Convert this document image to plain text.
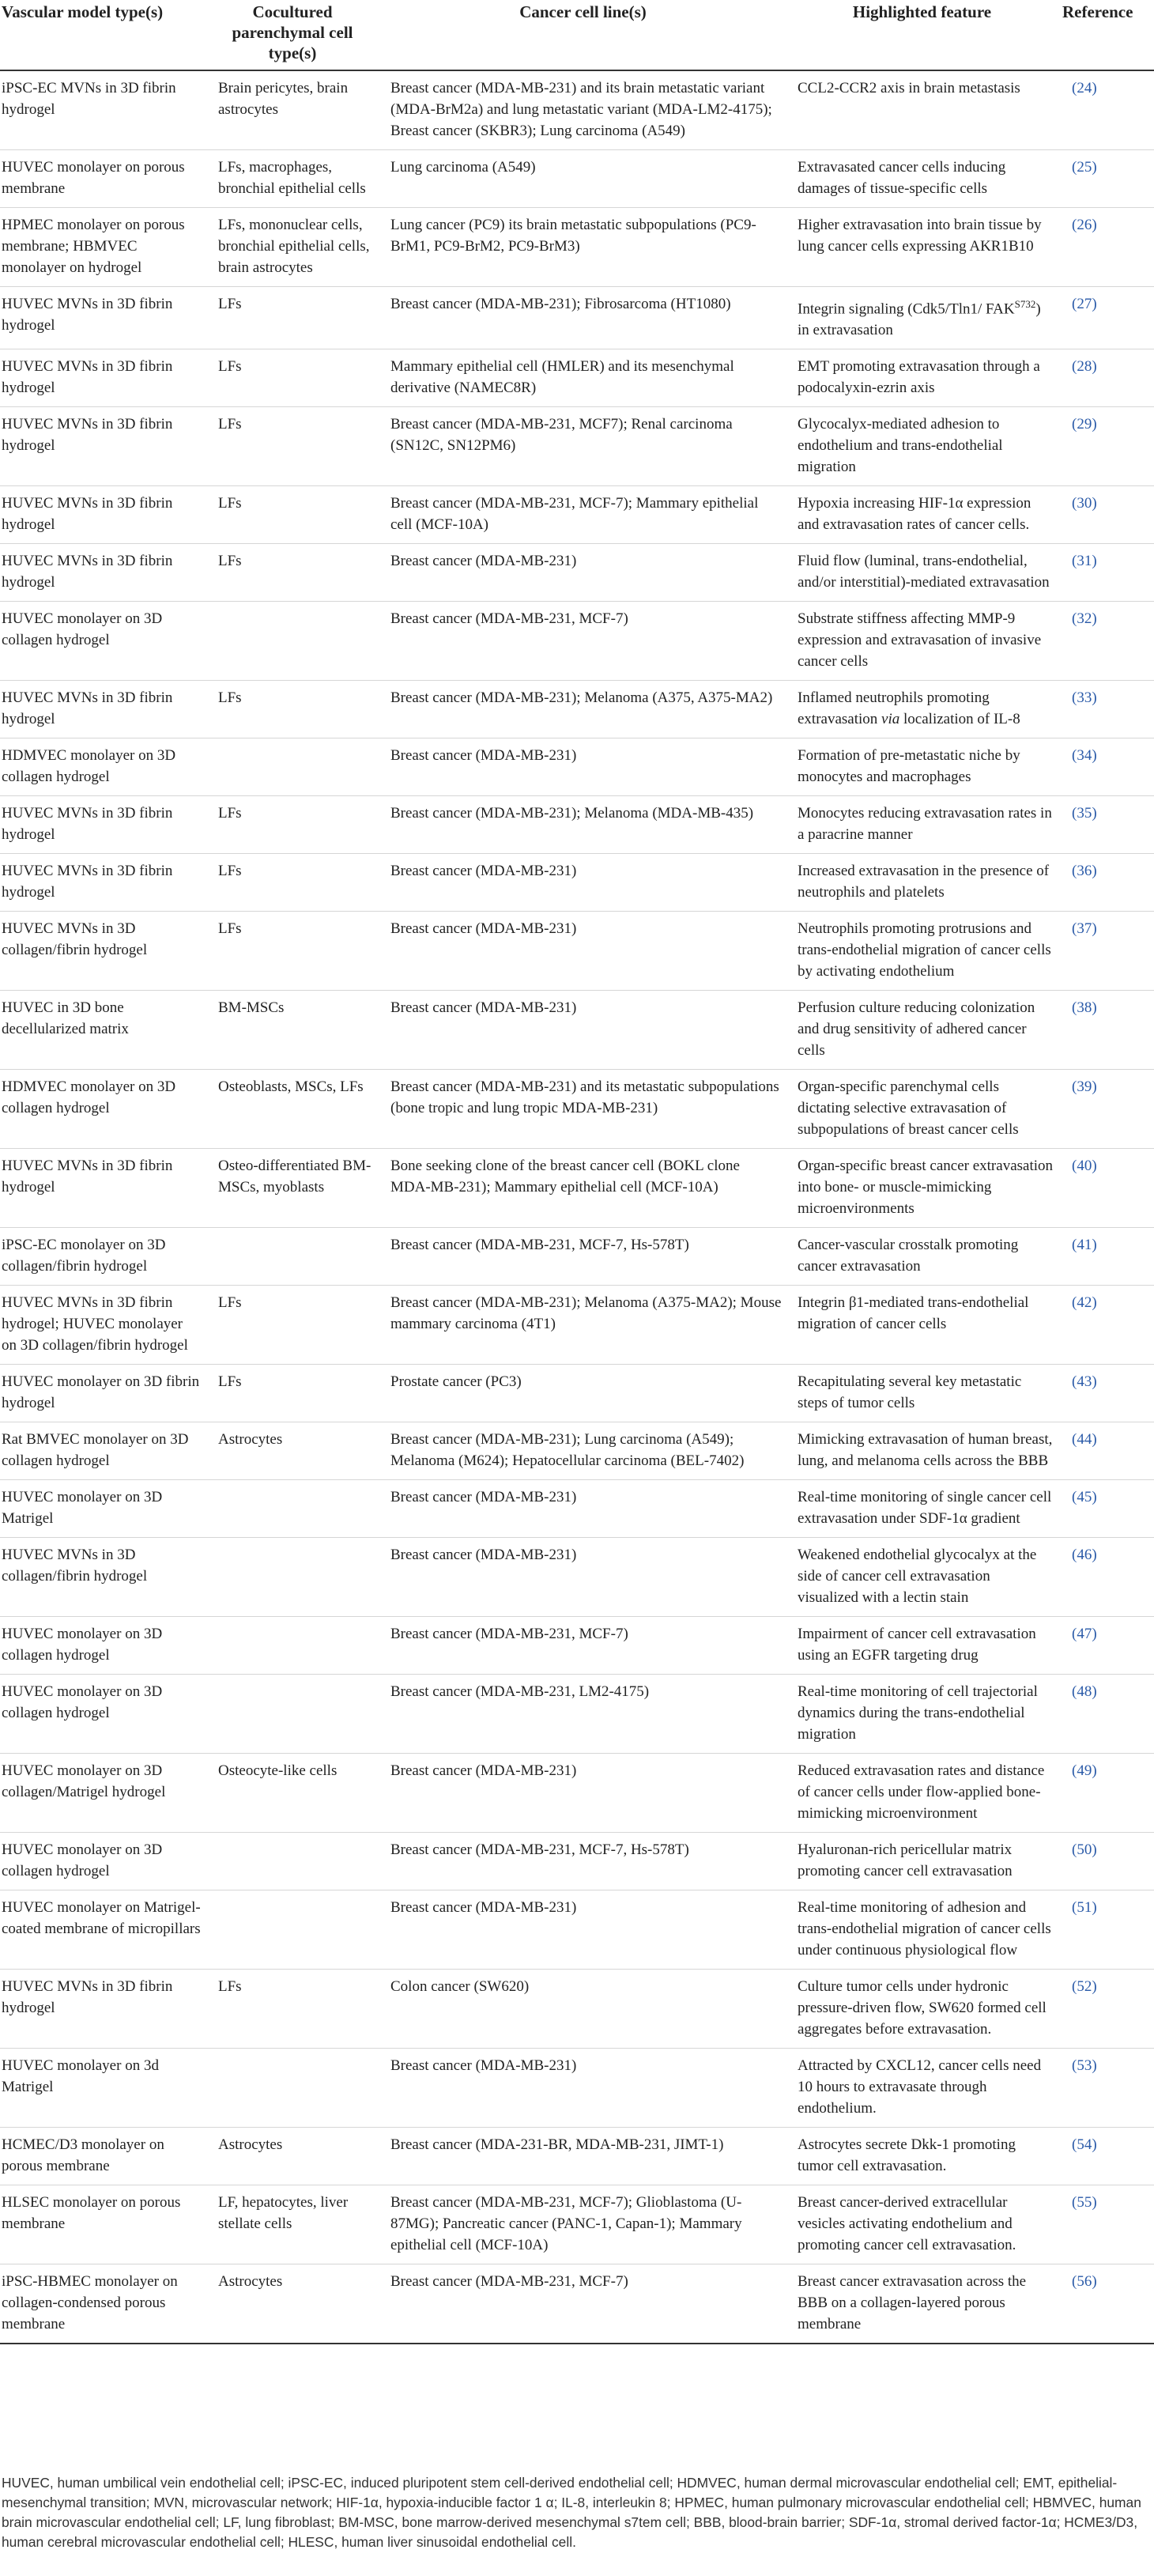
Vascular model type(s)	Cocultured parenchymal cell type(s)	Cancer cell line(s)	Highlighted feature	Reference
iPSC-EC MVNs in 3D fibrin hydrogel	Brain pericytes, brain astrocytes	Breast cancer (MDA-MB-231) and its brain metastatic variant (MDA-BrM2a) and lung metastatic variant (MDA-LM2-4175); Breast cancer (SKBR3); Lung carcinoma (A549)	CCL2-CCR2 axis in brain metastasis	(24)
HUVEC monolayer on porous membrane	LFs, macrophages, bronchial epithelial cells	Lung carcinoma (A549)	Extravasated cancer cells inducing damages of tissue-specific cells	(25)
HPMEC monolayer on porous membrane; HBMVEC monolayer on hydrogel	LFs, mononuclear cells, bronchial epithelial cells, brain astrocytes	Lung cancer (PC9) its brain metastatic subpopulations (PC9-BrM1, PC9-BrM2, PC9-BrM3)	Higher extravasation into brain tissue by lung cancer cells expressing AKR1B10	(26)
HUVEC MVNs in 3D fibrin hydrogel	LFs	Breast cancer (MDA-MB-231); Fibrosarcoma (HT1080)	Integrin signaling (Cdk5/Tln1/ $FAK^{S732}$) in extravasation	(27)
HUVEC MVNs in 3D fibrin hydrogel	LFs	Mammary epithelial cell (HMLER) and its mesenchymal derivative (NAMEC8R)	EMT promoting extravasation through a podocalyxin-ezrin axis	(28)
HUVEC MVNs in 3D fibrin hydrogel	LFs	Breast cancer (MDA-MB-231, MCF7); Renal carcinoma (SN12C, SN12PM6)	Glycocalyx-mediated adhesion to endothelium and trans-endothelial migration	(29)
HUVEC MVNs in 3D fibrin hydrogel	LFs	Breast cancer (MDA-MB-231, MCF-7); Mammary epithelial cell (MCF-10A)	Hypoxia increasing HIF-1α expression and extravasation rates of cancer cells.	(30)
HUVEC MVNs in 3D fibrin hydrogel	LFs	Breast cancer (MDA-MB-231)	Fluid flow (luminal, trans-endothelial, and/or interstitial)-mediated extravasation	(31)
HUVEC monolayer on 3D collagen hydrogel		Breast cancer (MDA-MB-231, MCF-7)	Substrate stiffness affecting MMP-9 expression and extravasation of invasive cancer cells	(32)
HUVEC MVNs in 3D fibrin hydrogel	LFs	Breast cancer (MDA-MB-231); Melanoma (A375, A375-MA2)	Inflamed neutrophils promoting extravasation via localization of IL-8	(33)
HDMVEC monolayer on 3D collagen hydrogel		Breast cancer (MDA-MB-231)	Formation of pre-metastatic niche by monocytes and macrophages	(34)
HUVEC MVNs in 3D fibrin hydrogel	LFs	Breast cancer (MDA-MB-231); Melanoma (MDA-MB-435)	Monocytes reducing extravasation rates in a paracrine manner	(35)
HUVEC MVNs in 3D fibrin hydrogel	LFs	Breast cancer (MDA-MB-231)	Increased extravasation in the presence of neutrophils and platelets	(36)
HUVEC MVNs in 3D collagen/fibrin hydrogel	LFs	Breast cancer (MDA-MB-231)	Neutrophils promoting protrusions and trans-endothelial migration of cancer cells by activating endothelium	(37)
HUVEC in 3D bone decellularized matrix	BM-MSCs	Breast cancer (MDA-MB-231)	Perfusion culture reducing colonization and drug sensitivity of adhered cancer cells	(38)
HDMVEC monolayer on 3D collagen hydrogel	Osteoblasts, MSCs, LFs	Breast cancer (MDA-MB-231) and its metastatic subpopulations (bone tropic and lung tropic MDA-MB-231)	Organ-specific parenchymal cells dictating selective extravasation of subpopulations of breast cancer cells	(39)
HUVEC MVNs in 3D fibrin hydrogel	Osteo-differentiated BM-MSCs, myoblasts	Bone seeking clone of the breast cancer cell (BOKL clone MDA-MB-231); Mammary epithelial cell (MCF-10A)	Organ-specific breast cancer extravasation into bone- or muscle-mimicking microenvironments	(40)
iPSC-EC monolayer on 3D collagen/fibrin hydrogel		Breast cancer (MDA-MB-231, MCF-7, Hs-578T)	Cancer-vascular crosstalk promoting cancer extravasation	(41)
HUVEC MVNs in 3D fibrin hydrogel; HUVEC monolayer on 3D collagen/fibrin hydrogel	LFs	Breast cancer (MDA-MB-231); Melanoma (A375-MA2); Mouse mammary carcinoma (4T1)	Integrin β1-mediated trans-endothelial migration of cancer cells	(42)
HUVEC monolayer on 3D fibrin hydrogel	LFs	Prostate cancer (PC3)	Recapitulating several key metastatic steps of tumor cells	(43)
Rat BMVEC monolayer on 3D collagen hydrogel	Astrocytes	Breast cancer (MDA-MB-231); Lung carcinoma (A549); Melanoma (M624); Hepatocellular carcinoma (BEL-7402)	Mimicking extravasation of human breast, lung, and melanoma cells across the BBB	(44)
HUVEC monolayer on 3D Matrigel		Breast cancer (MDA-MB-231)	Real-time monitoring of single cancer cell extravasation under SDF-1α gradient	(45)
HUVEC MVNs in 3D collagen/fibrin hydrogel		Breast cancer (MDA-MB-231)	Weakened endothelial glycocalyx at the side of cancer cell extravasation visualized with a lectin stain	(46)
HUVEC monolayer on 3D collagen hydrogel		Breast cancer (MDA-MB-231, MCF-7)	Impairment of cancer cell extravasation using an EGFR targeting drug	(47)
HUVEC monolayer on 3D collagen hydrogel		Breast cancer (MDA-MB-231, LM2-4175)	Real-time monitoring of cell trajectorial dynamics during the trans-endothelial migration	(48)
HUVEC monolayer on 3D collagen/Matrigel hydrogel	Osteocyte-like cells	Breast cancer (MDA-MB-231)	Reduced extravasation rates and distance of cancer cells under flow-applied bone-mimicking microenvironment	(49)
HUVEC monolayer on 3D collagen hydrogel		Breast cancer (MDA-MB-231, MCF-7, Hs-578T)	Hyaluronan-rich pericellular matrix promoting cancer cell extravasation	(50)
HUVEC monolayer on Matrigel-coated membrane of micropillars		Breast cancer (MDA-MB-231)	Real-time monitoring of adhesion and trans-endothelial migration of cancer cells under continuous physiological flow	(51)
HUVEC MVNs in 3D fibrin hydrogel	LFs	Colon cancer (SW620)	Culture tumor cells under hydronic pressure-driven flow, SW620 formed cell aggregates before extravasation.	(52)
HUVEC monolayer on 3d Matrigel		Breast cancer (MDA-MB-231)	Attracted by CXCL12, cancer cells need 10 hours to extravasate through endothelium.	(53)
HCMEC/D3 monolayer on porous membrane	Astrocytes	Breast cancer (MDA-231-BR, MDA-MB-231, JIMT-1)	Astrocytes secrete Dkk-1 promoting tumor cell extravasation.	(54)
HLSEC monolayer on porous membrane	LF, hepatocytes, liver stellate cells	Breast cancer (MDA-MB-231, MCF-7); Glioblastoma (U-87MG); Pancreatic cancer (PANC-1, Capan-1); Mammary epithelial cell (MCF-10A)	Breast cancer-derived extracellular vesicles activating endothelium and promoting cancer cell extravasation.	(55)
iPSC-HBMEC monolayer on collagen-condensed porous membrane	Astrocytes	Breast cancer (MDA-MB-231, MCF-7)	Breast cancer extravasation across the BBB on a collagen-layered porous membrane	(56)
HUVEC, human umbilical vein endothelial cell; iPSC-EC, induced pluripotent stem cell-derived endothelial cell; HDMVEC, human dermal microvascular endothelial cell; EMT, epithelial-mesenchymal transition; MVN, microvascular network; HIF-1α, hypoxia-inducible factor 1 α; IL-8, interleukin 8; HPMEC, human pulmonary microvascular endothelial cell; HBMVEC, human brain microvascular endothelial cell; LF, lung fibroblast; BM-MSC, bone marrow-derived mesenchymal s7tem cell; BBB, blood-brain barrier; SDF-1α, stromal derived factor-1α; HCME3/D3, human cerebral microvascular endothelial cell; HLESC, human liver sinusoidal endothelial cell.
